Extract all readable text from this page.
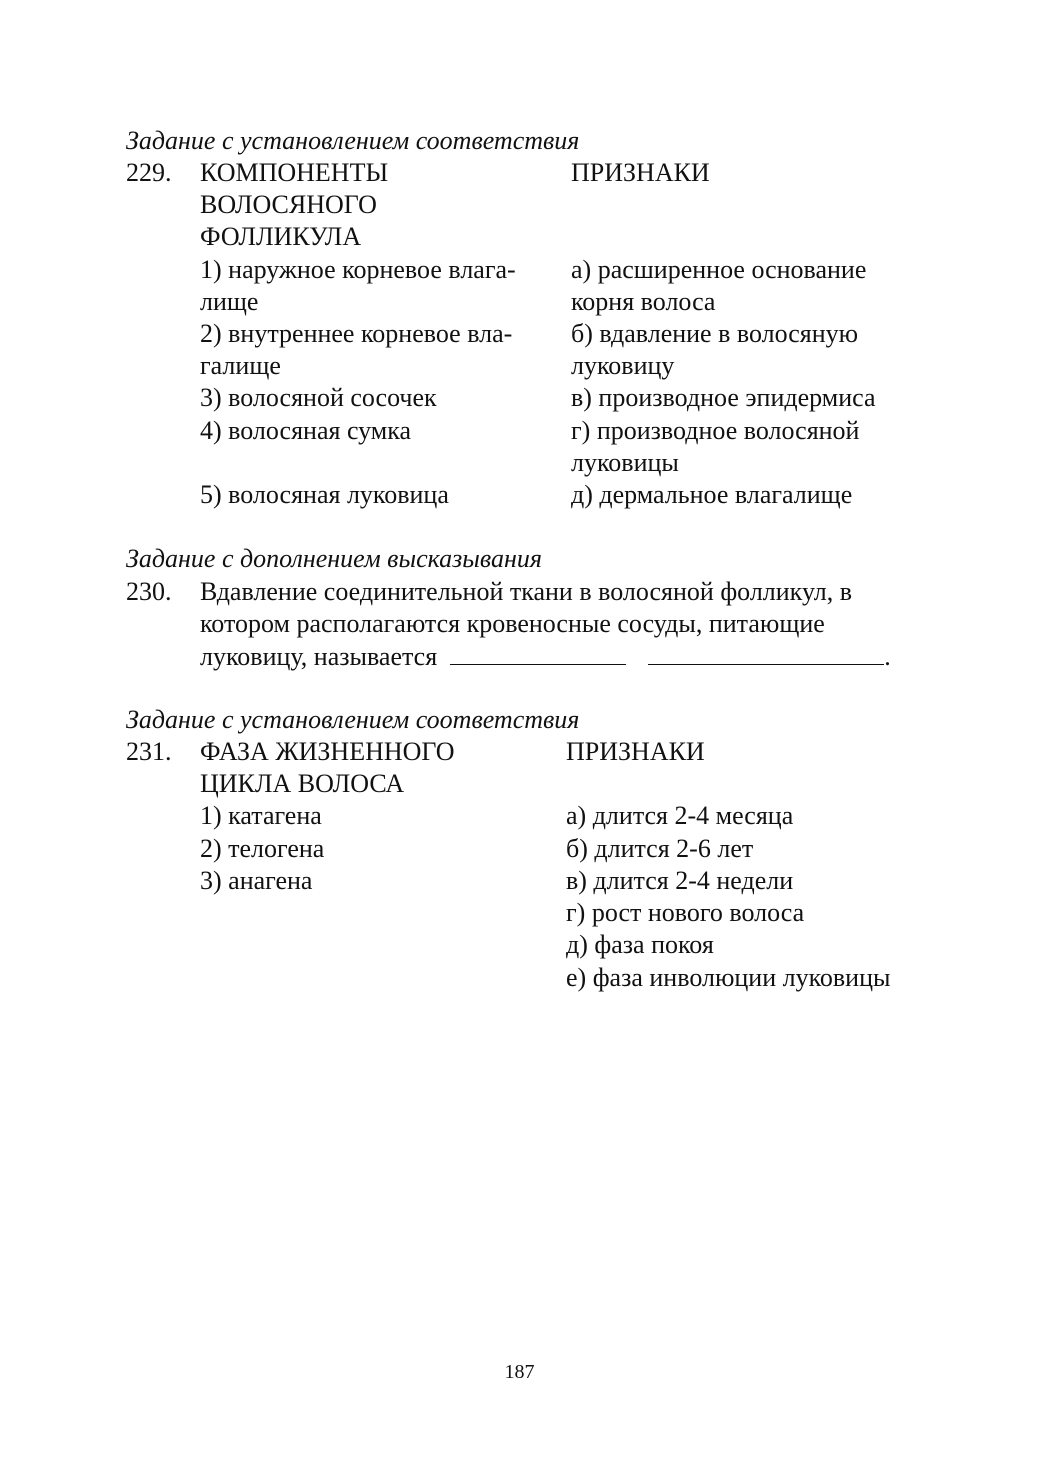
Задание с установлением соответствия
229. КОМПОНЕНТЫ
ВОЛОСЯНОГО
ФОЛЛИКУЛА
ПРИЗНАКИ
1) наружное корневое влага-
лище
2) внутреннее корневое вла-
галище
3) волосяной сосочек
4) волосяная сумка
5) волосяная луковица
а) расширенное основание
корня волоса
б) вдавление в волосяную
луковицу
в) производное эпидермиса
г) производное волосяной
луковицы
д) дермальное влагалище
Задание с дополнением высказывания
230. Вдавление соединительной ткани в волосяной фолликул, в
котором располагаются кровеносные сосуды, питающие
луковицу, называется	.
Задание с установлением соответствия
231. ФАЗА ЖИЗНЕННОГО
ЦИКЛА ВОЛОСА
ПРИЗНАКИ
1) катагена
2) телогена
3) анагена
а) длится 2-4 месяца
б) длится 2-6 лет
в) длится 2-4 недели
г) рост нового волоса
д) фаза покоя
е) фаза инволюции луковицы
187
